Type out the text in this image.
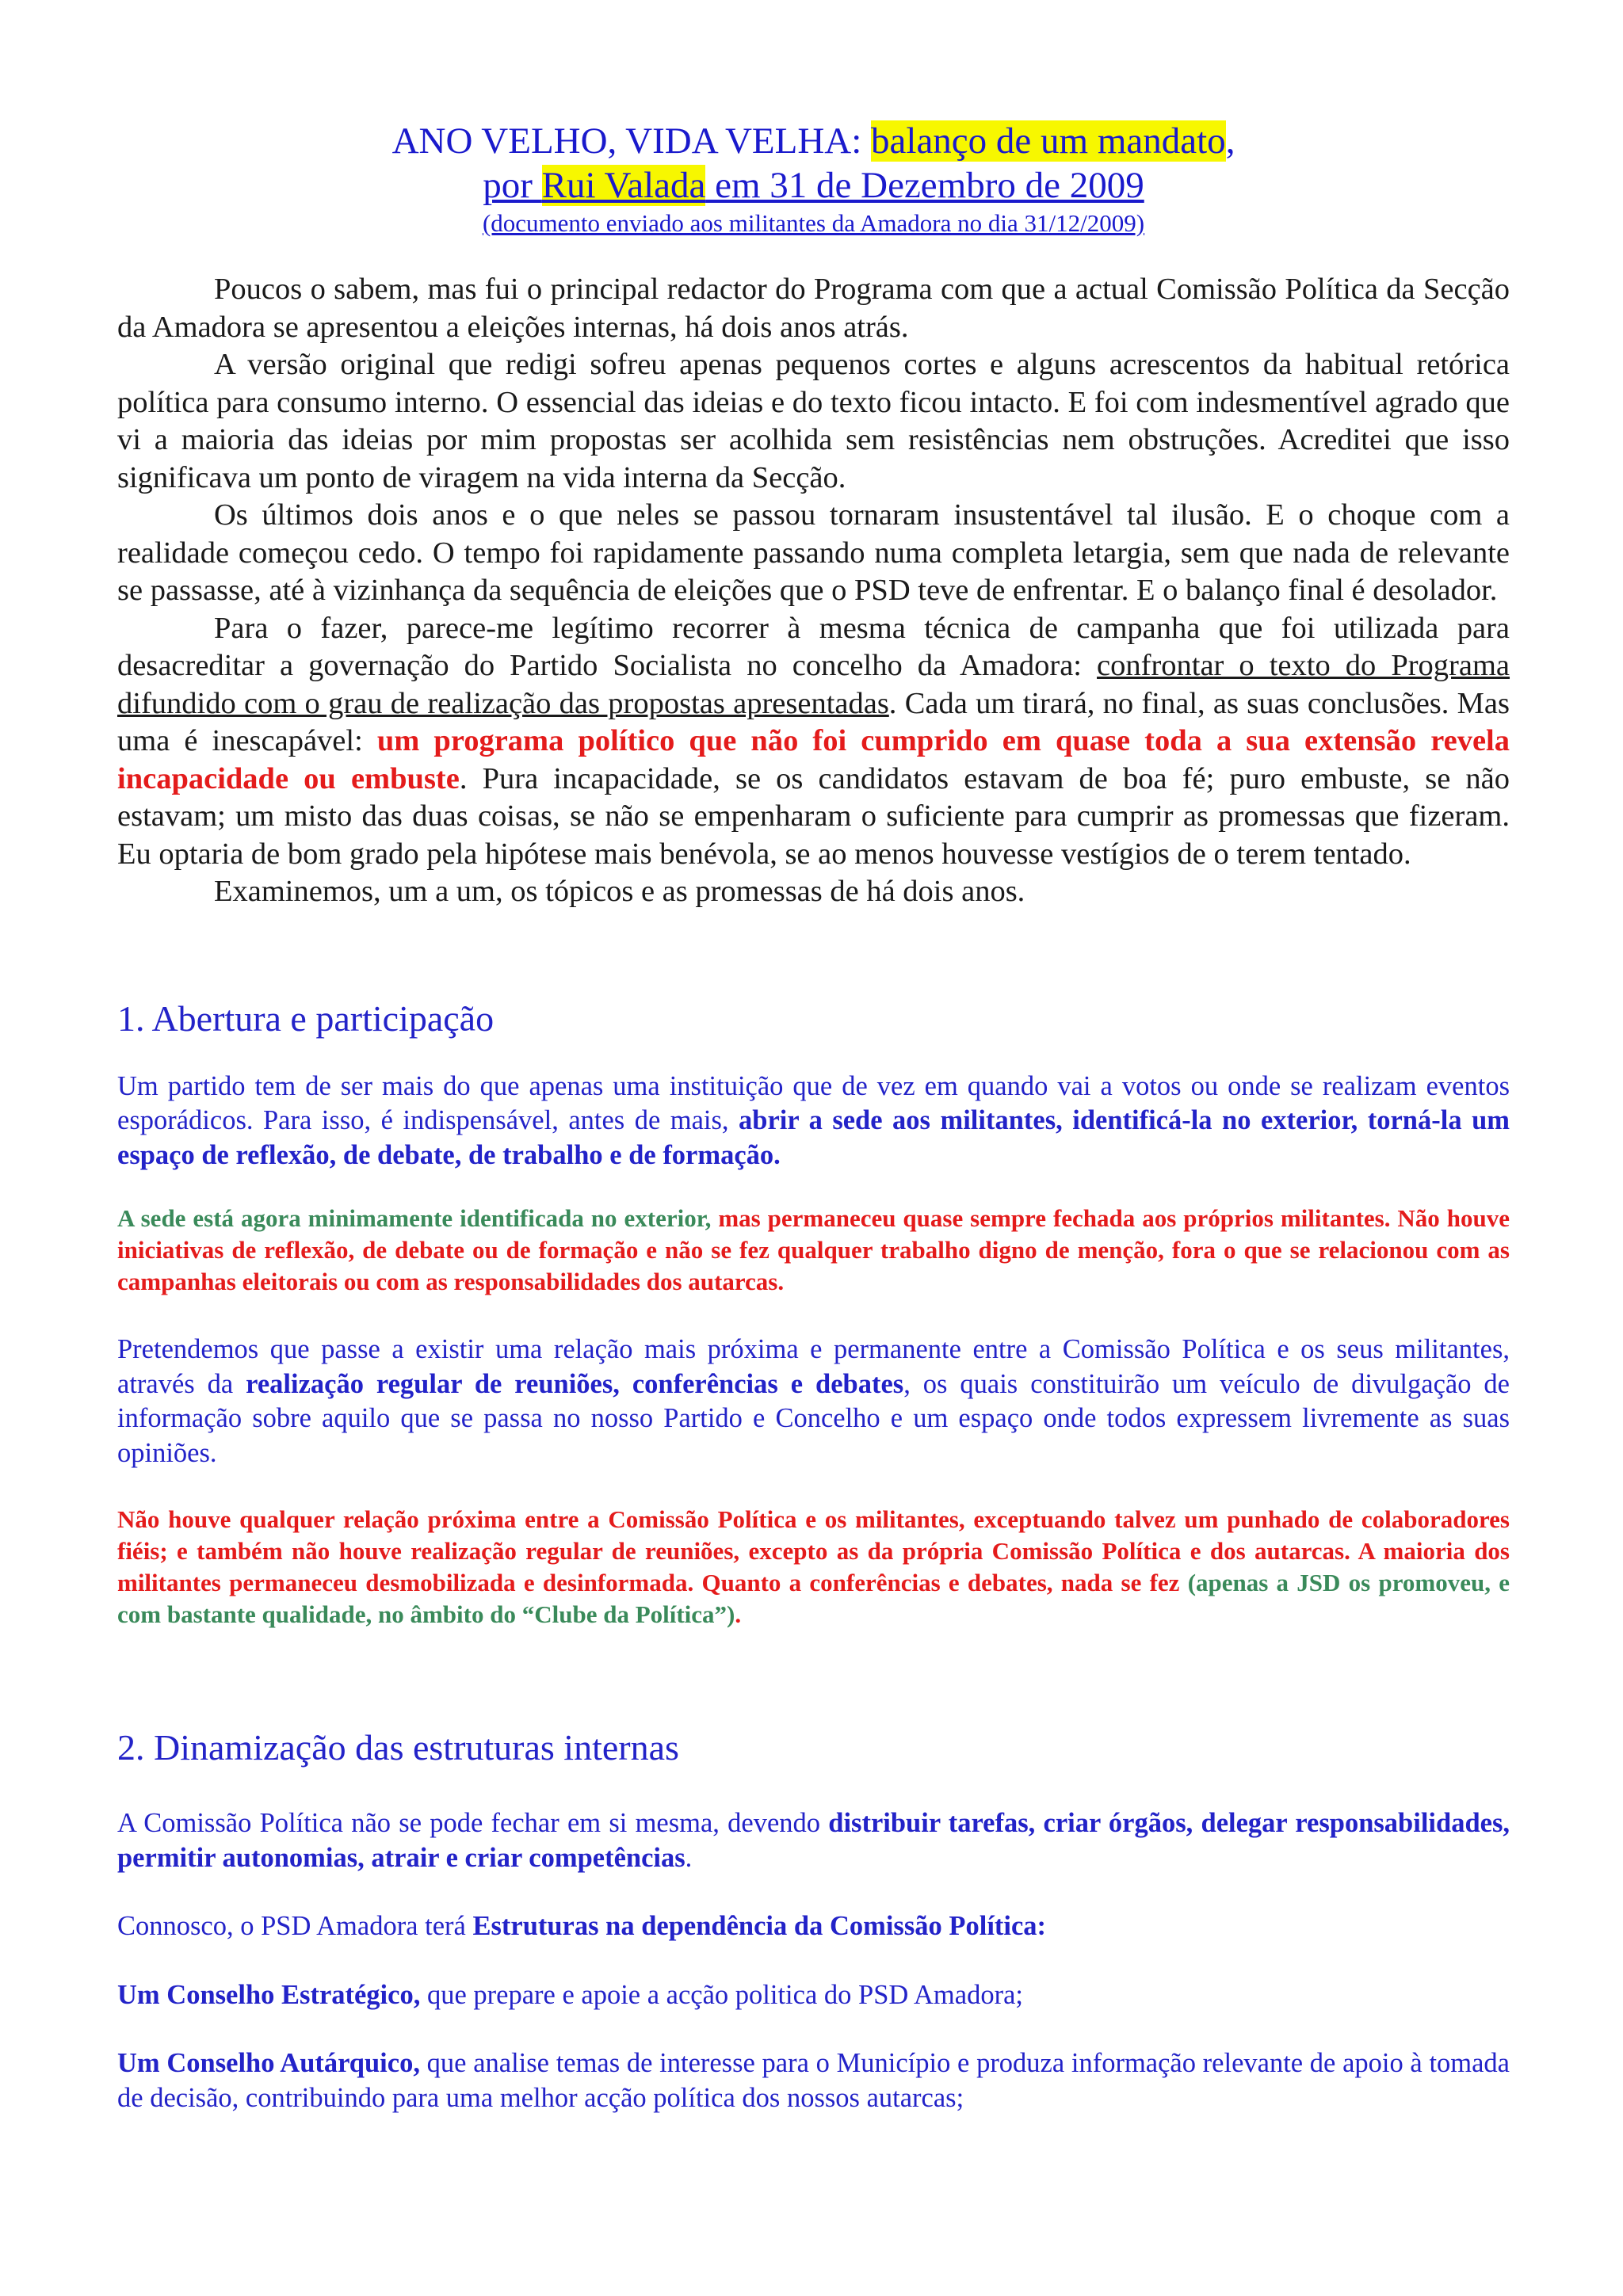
ANO VELHO, VIDA VELHA: balanço de um mandato,
por Rui Valada em 31 de Dezembro de 2009
(documento enviado aos militantes da Amadora no dia 31/12/2009)

Poucos o sabem, mas fui o principal redactor do Programa com que a actual Comissão Política da Secção da Amadora se apresentou a eleições internas, há dois anos atrás.

A versão original que redigi sofreu apenas pequenos cortes e alguns acrescentos da habitual retórica política para consumo interno. O essencial das ideias e do texto ficou intacto. E foi com indesmentível agrado que vi a maioria das ideias por mim propostas ser acolhida sem resistências nem obstruções. Acreditei que isso significava um ponto de viragem na vida interna da Secção.

Os últimos dois anos e o que neles se passou tornaram insustentável tal ilusão. E o choque com a realidade começou cedo. O tempo foi rapidamente passando numa completa letargia, sem que nada de relevante se passasse, até à vizinhança da sequência de eleições que o PSD teve de enfrentar. E o balanço final é desolador.

Para o fazer, parece-me legítimo recorrer à mesma técnica de campanha que foi utilizada para desacreditar a governação do Partido Socialista no concelho da Amadora: confrontar o texto do Programa difundido com o grau de realização das propostas apresentadas. Cada um tirará, no final, as suas conclusões. Mas uma é inescapável: um programa político que não foi cumprido em quase toda a sua extensão revela incapacidade ou embuste. Pura incapacidade, se os candidatos estavam de boa fé; puro embuste, se não estavam; um misto das duas coisas, se não se empenharam o suficiente para cumprir as promessas que fizeram. Eu optaria de bom grado pela hipótese mais benévola, se ao menos houvesse vestígios de o terem tentado.

Examinemos, um a um, os tópicos e as promessas de há dois anos.

1. Abertura e participação

Um partido tem de ser mais do que apenas uma instituição que de vez em quando vai a votos ou onde se realizam eventos esporádicos. Para isso, é indispensável, antes de mais, abrir a sede aos militantes, identificá-la no exterior, torná-la um espaço de reflexão, de debate, de trabalho e de formação.

A sede está agora minimamente identificada no exterior, mas permaneceu quase sempre fechada aos próprios militantes. Não houve iniciativas de reflexão, de debate ou de formação e não se fez qualquer trabalho digno de menção, fora o que se relacionou com as campanhas eleitorais ou com as responsabilidades dos autarcas.

Pretendemos que passe a existir uma relação mais próxima e permanente entre a Comissão Política e os seus militantes, através da realização regular de reuniões, conferências e debates, os quais constituirão um veículo de divulgação de informação sobre aquilo que se passa no nosso Partido e Concelho e um espaço onde todos expressem livremente as suas opiniões.

Não houve qualquer relação próxima entre a Comissão Política e os militantes, exceptuando talvez um punhado de colaboradores fiéis; e também não houve realização regular de reuniões, excepto as da própria Comissão Política e dos autarcas. A maioria dos militantes permaneceu desmobilizada e desinformada. Quanto a conferências e debates, nada se fez (apenas a JSD os promoveu, e com bastante qualidade, no âmbito do “Clube da Política”).

2. Dinamização das estruturas internas

A Comissão Política não se pode fechar em si mesma, devendo distribuir tarefas, criar órgãos, delegar responsabilidades, permitir autonomias, atrair e criar competências.

Connosco, o PSD Amadora terá Estruturas na dependência da Comissão Política:

Um Conselho Estratégico, que prepare e apoie a acção politica do PSD Amadora;

Um Conselho Autárquico, que analise temas de interesse para o Município e produza informação relevante de apoio à tomada de decisão, contribuindo para uma melhor acção política dos nossos autarcas;
